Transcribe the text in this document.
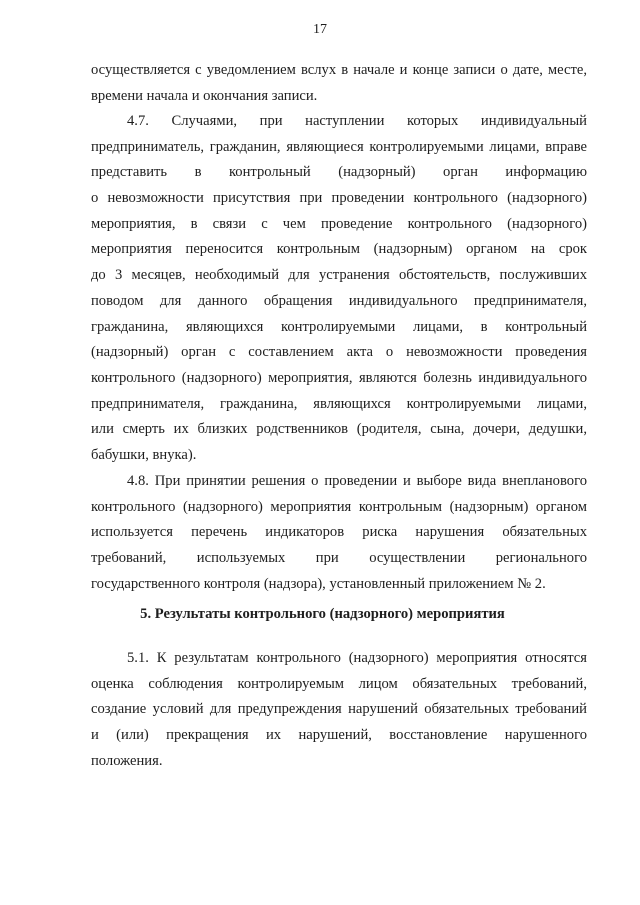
17
осуществляется с уведомлением вслух в начале и конце записи о дате, месте,
времени начала и окончания записи.
4.7. Случаями, при наступлении которых индивидуальный
предприниматель, гражданин, являющиеся контролируемыми лицами, вправе
представить в контрольный (надзорный) орган информацию
о невозможности присутствия при проведении контрольного (надзорного)
мероприятия, в связи с чем проведение контрольного (надзорного)
мероприятия переносится контрольным (надзорным) органом на срок
до 3 месяцев, необходимый для устранения обстоятельств, послуживших
поводом для данного обращения индивидуального предпринимателя,
гражданина, являющихся контролируемыми лицами, в контрольный
(надзорный) орган с составлением акта о невозможности проведения
контрольного (надзорного) мероприятия, являются болезнь индивидуального
предпринимателя, гражданина, являющихся контролируемыми лицами,
или смерть их близких родственников (родителя, сына, дочери, дедушки,
бабушки, внука).
4.8. При принятии решения о проведении и выборе вида внепланового
контрольного (надзорного) мероприятия контрольным (надзорным) органом
используется перечень индикаторов риска нарушения обязательных
требований, используемых при осуществлении регионального
государственного контроля (надзора), установленный приложением № 2.
5. Результаты контрольного (надзорного) мероприятия
5.1. К результатам контрольного (надзорного) мероприятия относятся
оценка соблюдения контролируемым лицом обязательных требований,
создание условий для предупреждения нарушений обязательных требований
и (или) прекращения их нарушений, восстановление нарушенного
положения.
